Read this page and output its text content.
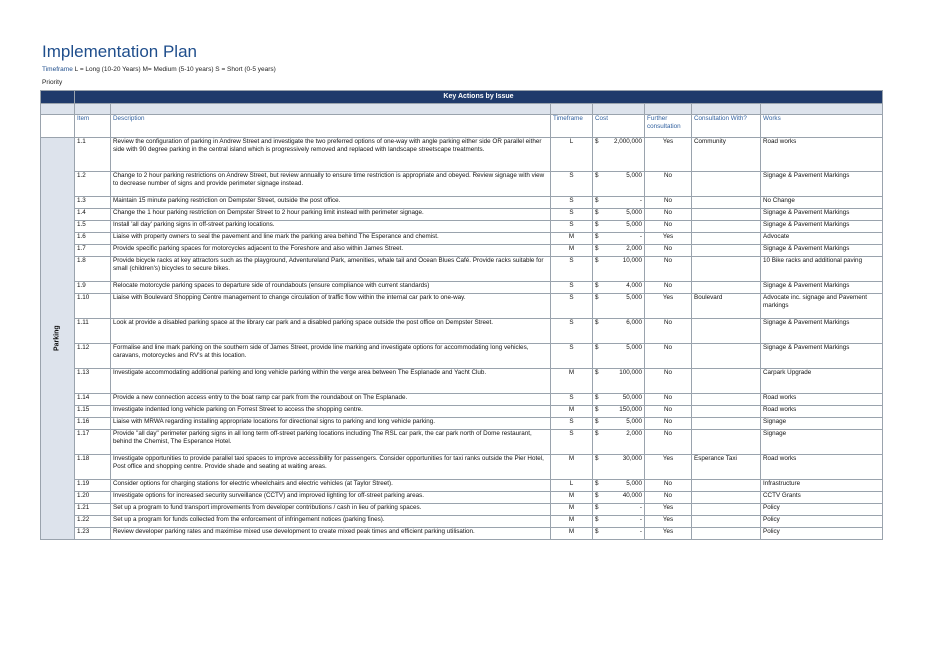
Implementation Plan
Timeframe L = Long (10-20 Years) M= Medium (5-10 years) S = Short (0-5 years)
Priority
	Key Actions by Issue						

	Item	Description	Timeframe	Cost	Further consultation	Consultation With?	Works
Parking	1.1	Review the configuration of parking in Andrew Street and investigate the two preferred options of one-way with angle parking either side OR parallel either side with 90 degree parking in the central island which is progressively removed and replaced with landscape streetscape treatments.	L	$ 2,000,000	Yes	Community	Road works
	1.2	Change to 2 hour parking restrictions on Andrew Street, but review annually to ensure time restriction is appropriate and obeyed. Review signage with view to decrease number of signs and provide perimeter signage instead.	S	$ 5,000	No		Signage & Pavement Markings
	1.3	Maintain 15 minute parking restriction on Dempster Street, outside the post office.	S	$ -	No		No Change
	1.4	Change the 1 hour parking restriction on Dempster Street to 2 hour parking limit instead with perimeter signage.	S	$ 5,000	No		Signage & Pavement Markings
	1.5	Install 'all day' parking signs in off-street parking locations.	S	$ 5,000	No		Signage & Pavement Markings
	1.6	Liaise with property owners to seal the pavement and line mark the parking area behind The Esperance and chemist.	M	$ -	Yes		Advocate
	1.7	Provide specific parking spaces for motorcycles adjacent to the Foreshore and also within James Street.	M	$ 2,000	No		Signage & Pavement Markings
	1.8	Provide bicycle racks at key attractors such as the playground, Adventureland Park, amenities, whale tail and Ocean Blues Café. Provide racks suitable for small (children's) bicycles to secure bikes.	S	$ 10,000	No		10 Bike racks and additional paving
	1.9	Relocate motorcycle parking spaces to departure side of roundabouts (ensure compliance with current standards)	S	$ 4,000	No		Signage & Pavement Markings
	1.10	Liaise with Boulevard Shopping Centre management to change circulation of traffic flow within the internal car park to one-way.	S	$ 5,000	Yes	Boulevard	Advocate inc. signage and Pavement markings
	1.11	Look at provide a disabled parking space at the library car park and a disabled parking space outside the post office on Dempster Street.	S	$ 6,000	No		Signage & Pavement Markings
	1.12	Formalise and line mark parking on the southern side of James Street, provide line marking and investigate options for accommodating long vehicles, caravans, motorcycles and RV's at this location.	S	$ 5,000	No		Signage & Pavement Markings
	1.13	Investigate accommodating additional parking and long vehicle parking within the verge area between The Esplanade and Yacht Club.	M	$ 100,000	No		Carpark Upgrade
	1.14	Provide a new connection access entry to the boat ramp car park from the roundabout on The Esplanade.	S	$ 50,000	No		Road works
	1.15	Investigate indented long vehicle parking on Forrest Street to access the shopping centre.	M	$ 150,000	No		Road works
	1.16	Liaise with MRWA regarding installing appropriate locations for directional signs to parking and long vehicle parking.	S	$ 5,000	No		Signage
	1.17	Provide "all day" perimeter parking signs in all long term off-street parking locations including The RSL car park, the car park north of Dome restaurant, behind the Chemist, The Esperance Hotel.	S	$ 2,000	No		Signage
	1.18	Investigate opportunities to provide parallel taxi spaces to improve accessibility for passengers. Consider opportunities for taxi ranks outside the Pier Hotel, Post office and shopping centre. Provide shade and seating at waiting areas.	M	$ 30,000	Yes	Esperance Taxi	Road works
	1.19	Consider options for charging stations for electric wheelchairs and electric vehicles (at Taylor Street).	L	$ 5,000	No		Infrastructure
	1.20	Investigate options for increased security surveillance (CCTV) and improved lighting for off-street parking areas.	M	$ 40,000	No		CCTV Grants
	1.21	Set up a program to fund transport improvements from developer contributions / cash in lieu of parking spaces.	M	$ -	Yes		Policy
	1.22	Set up a program for funds collected from the enforcement of infringement notices (parking fines).	M	$ -	Yes		Policy
	1.23	Review developer parking rates and maximise mixed use development to create mixed peak times and efficient parking utilisation.	M	$ -	Yes		Policy
